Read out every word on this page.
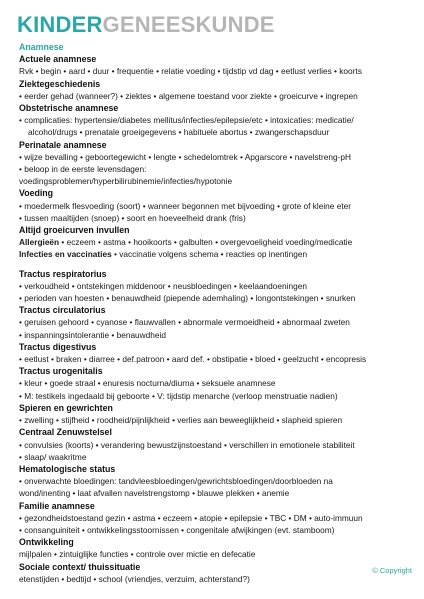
KINDERGENEESKUNDE
Anamnese
Actuele anamnese
Rvk • begin • aard • duur • frequentie • relatie voeding • tijdstip vd dag • eetlust verlies • koorts
Ziektegeschiedenis
• eerder gehad (wanneer?) • ziektes • algemene toestand voor ziekte • groeicurve • ingrepen
Obstetrische anamnese
• complicaties: hypertensie/diabetes mellitus/infecties/epilepsie/etc • intoxicaties: medicatie/
alcohol/drugs • prenatale groeigegevens • habituele abortus • zwangerschapsduur
Perinatale anamnese
• wijze bevalling • geboortegewicht • lengte • schedelomtrek • Apgarscore • navelstreng-pH
• beloop in de eerste levensdagen:
voedingsproblemen/hyperbilirubinemie/infecties/hypotonie
Voeding
• moedermelk flesvoeding (soort) • wanneer begonnen met bijvoeding • grote of kleine eter
• tussen maaltijden (snoep) • soort en hoeveelheid drank (fris)
Altijd groeicurven invullen
Allergieën • eczeem • astma • hooikoorts • galbulten • overgevoeligheid voeding/medicatie
Infecties en vaccinaties • vaccinatie volgens schema • reacties op inentingen
Tractus respiratorius
• verkoudheid • ontstekingen middenoor • neusbloedingen • keelaandoeningen
• perioden van hoesten • benauwdheid (piepende ademhaling) • longontstekingen • snurken
Tractus circulatorius
• geruisen gehoord • cyanose • flauwvallen • abnormale vermoeidheid • abnormaal zweten
• inspanningsintolerantie • benauwdheid
Tractus digestivus
• eetlust • braken • diarree • def.patroon • aard def. • obstipatie • bloed • geelzucht • encopresis
Tractus urogenitalis
• kleur • goede straal • enuresis nocturna/diurna • seksuele anamnese
• M: testikels ingedaald bij geboorte • V: tijdstip menarche (verloop menstruatie nadien)
Spieren en gewrichten
• zwelling • stijfheid • roodheid/pijnlijkheid • verlies aan beweeglijkheid • slapheid spieren
Centraal Zenuwstelsel
• convulsies (koorts) • verandering bewustzijnstoestand • verschillen in emotionele stabiliteit
• slaap/ waakritme
Hematologische status
• onverwachte bloedingen: tandvleesbloedingen/gewrichtsbloedingen/doorbloeden na
wond/inenting • laat afvallen navelstrengstomp • blauwe plekken • anemie
Familie anamnese
• gezondheidstoestand gezin • astma • eczeem • atopie • epilepsie • TBC • DM • auto-immuun
• consanguiniteit • ontwikkelingsstoornissen • congenitale afwijkingen (evt. stamboom)
Ontwikkeling
mijlpalen • zintuiglijke functies • controle over mictie en defecatie
Sociale context/ thuissituatie
etenstijden • bedtijd • school (vriendjes, verzuim, achterstand?)
© Copyright
